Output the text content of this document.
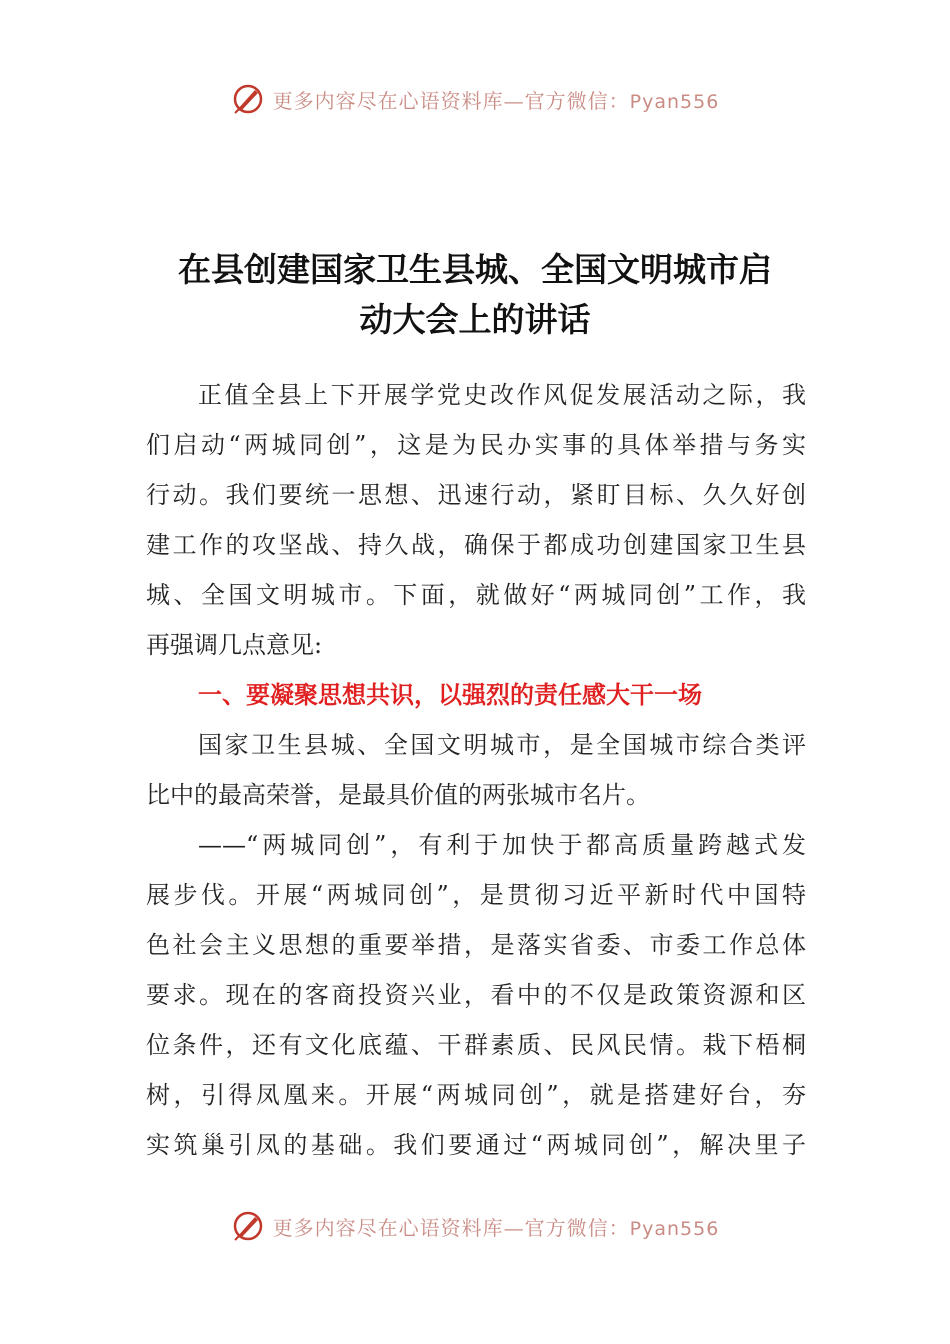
更多内容尽在心语资料库—官方微信：Pyan556
在县创建国家卫生县城、全国文明城市启
动大会上的讲话
正值全县上下开展学党史改作风促发展活动之际，我
们启动“两城同创”，这是为民办实事的具体举措与务实
行动。我们要统一思想、迅速行动，紧盯目标、久久好创
建工作的攻坚战、持久战，确保于都成功创建国家卫生县
城、全国文明城市。下面，就做好“两城同创”工作，我
再强调几点意见:
一、要凝聚思想共识，以强烈的责任感大干一场
国家卫生县城、全国文明城市，是全国城市综合类评
比中的最高荣誉，是最具价值的两张城市名片。
——“两城同创”，有利于加快于都高质量跨越式发
展步伐。开展“两城同创”，是贯彻习近平新时代中国特
色社会主义思想的重要举措，是落实省委、市委工作总体
要求。现在的客商投资兴业，看中的不仅是政策资源和区
位条件，还有文化底蕴、干群素质、民风民情。栽下梧桐
树，引得凤凰来。开展“两城同创”，就是搭建好台，夯
实筑巢引凤的基础。我们要通过“两城同创”，解决里子
更多内容尽在心语资料库—官方微信：Pyan556
